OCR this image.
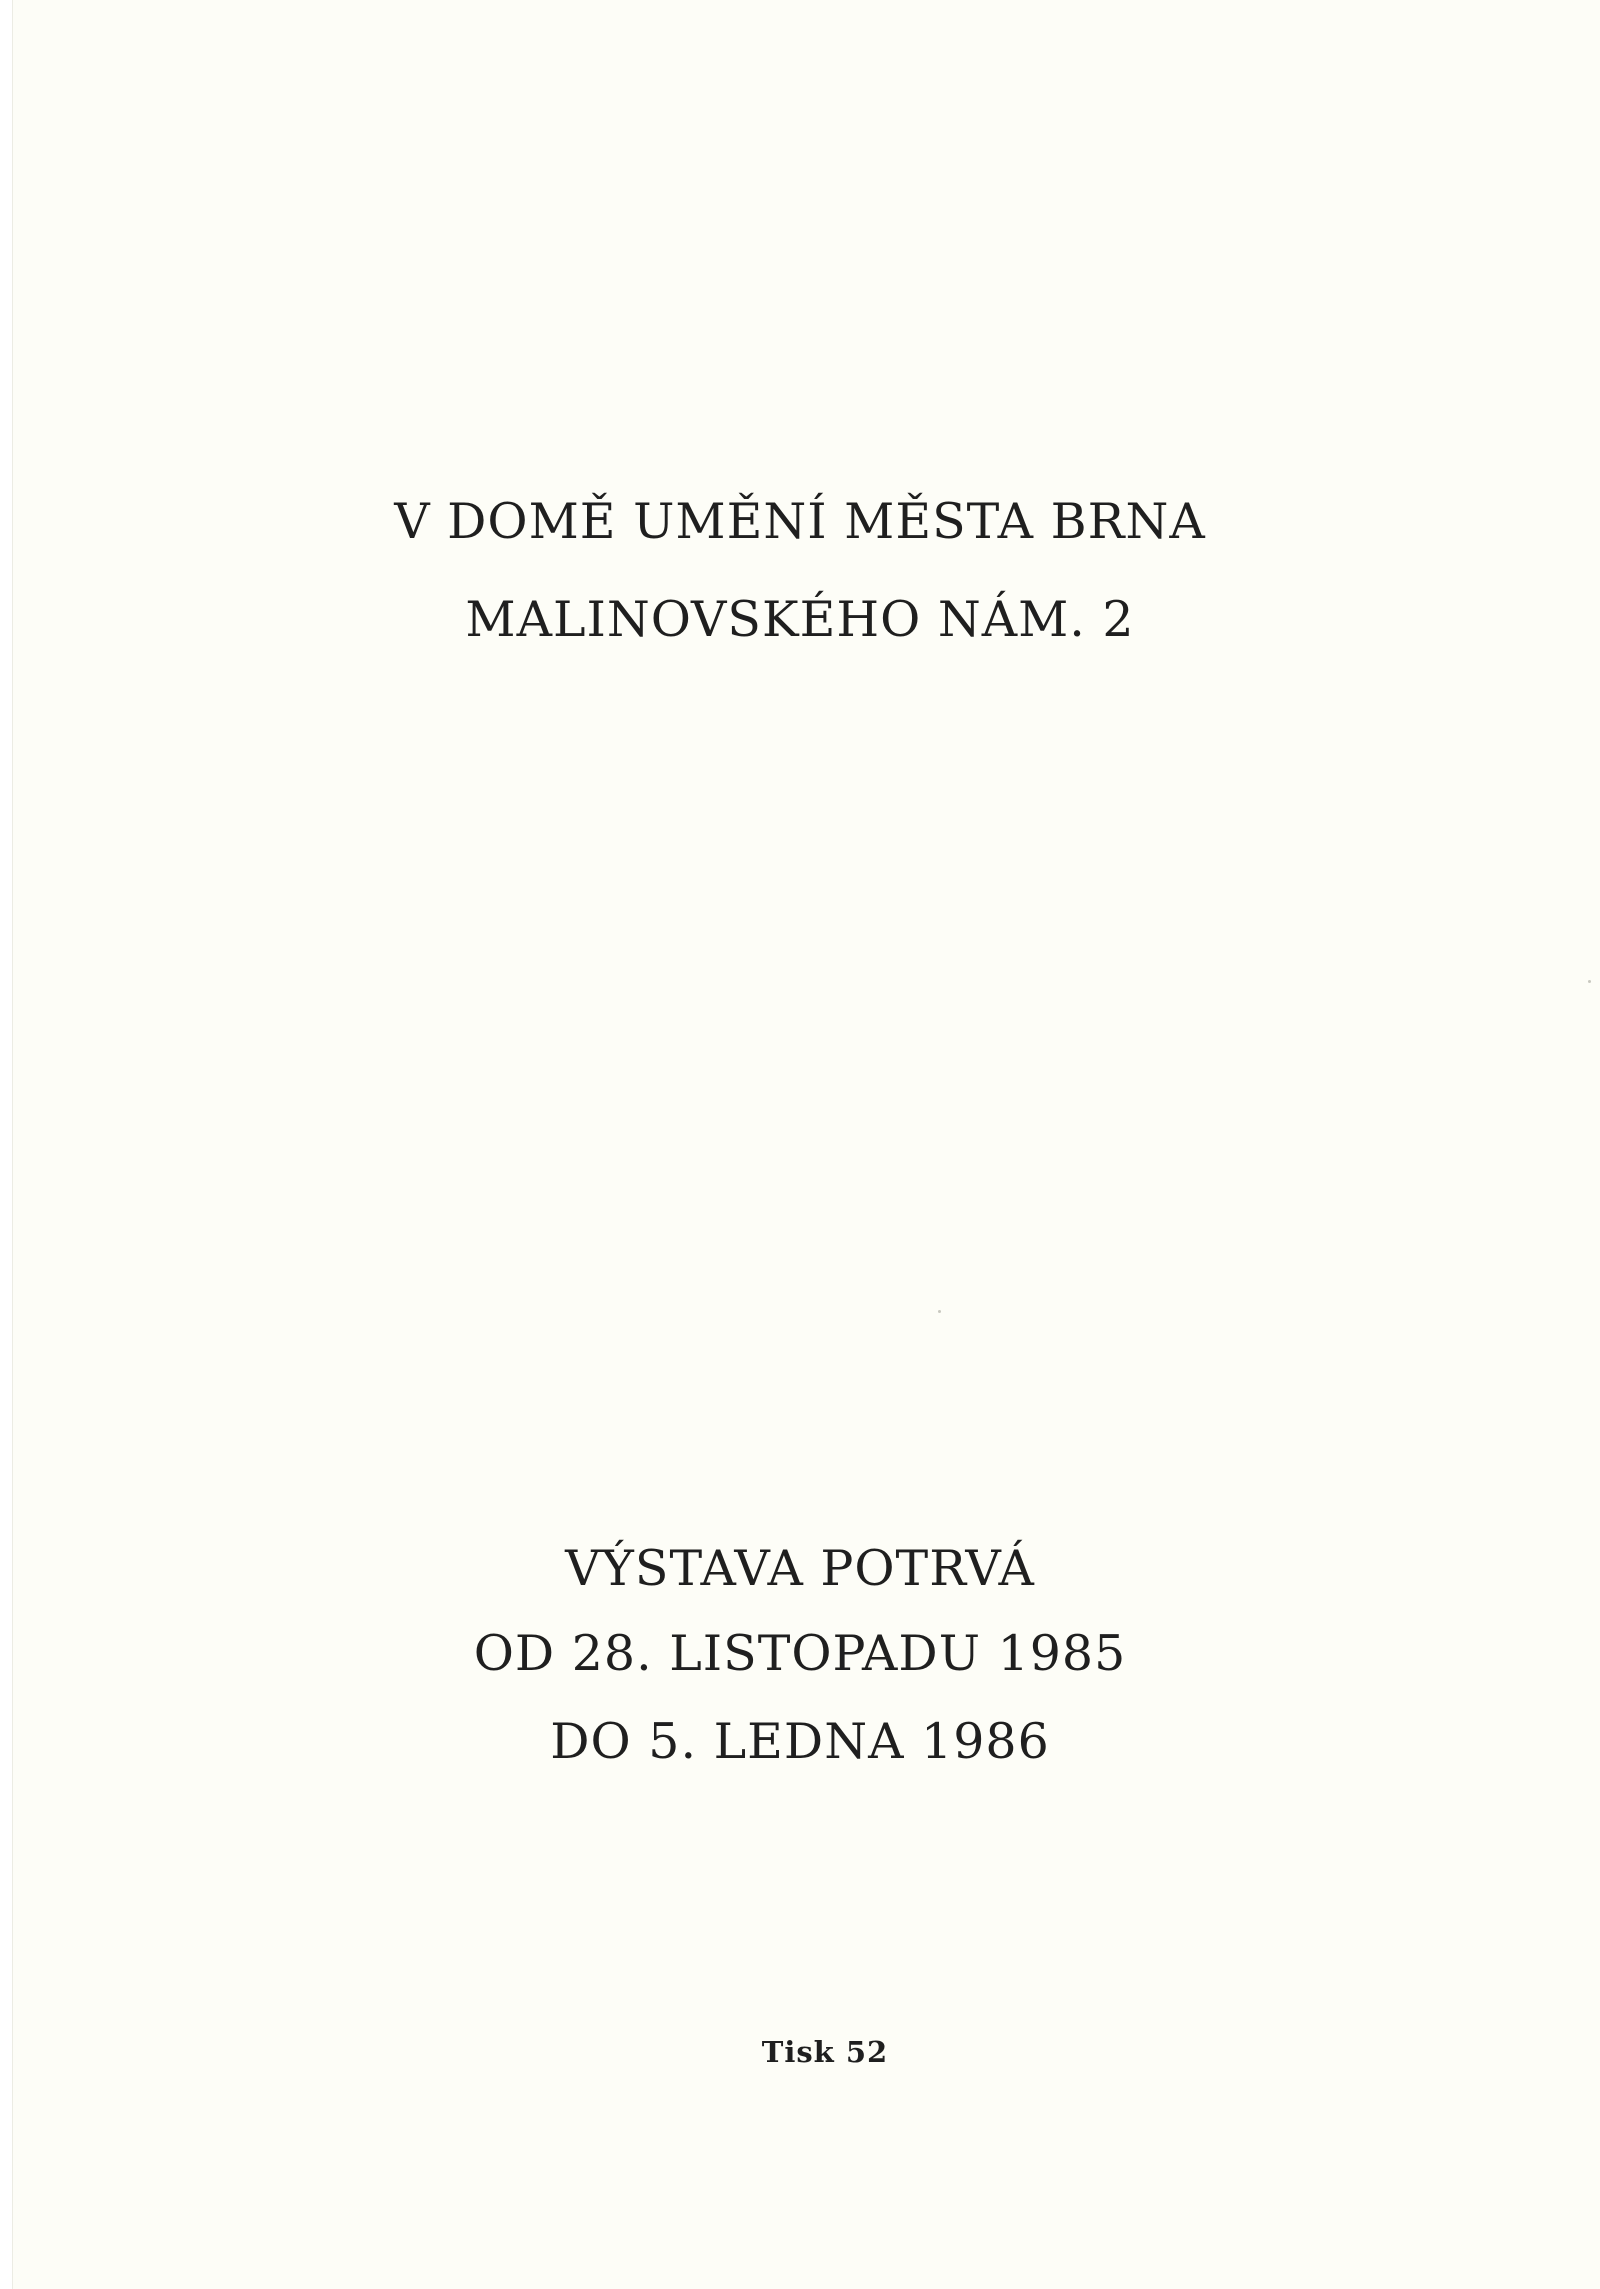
V DOMĚ UMĚNÍ MĚSTA BRNA
MALINOVSKÉHO NÁM. 2
VÝSTAVA POTRVÁ
OD 28. LISTOPADU 1985
DO 5. LEDNA 1986
Tisk 52
